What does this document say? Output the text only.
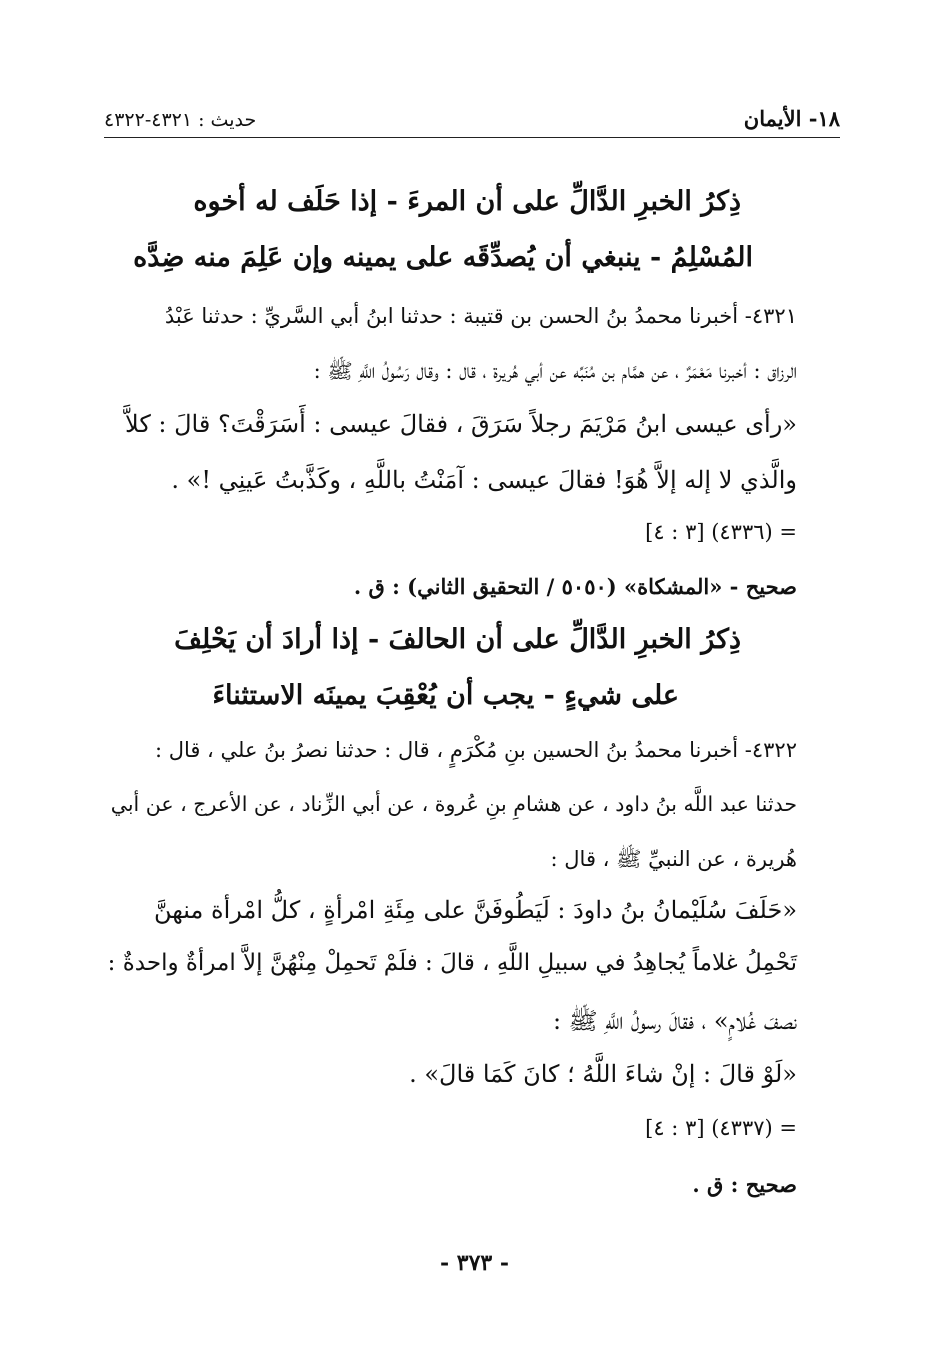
١٨- الأيمان
حديث : ٤٣٢١-٤٣٢٢
ذِكرُ الخبرِ الدَّالِّ على أن المرءَ - إذا حَلَف له أخوه
المُسْلِمُ - ينبغي أن يُصدِّقَه على يمينه وإن عَلِمَ منه ضِدَّه
٤٣٢١- أخبرنا محمدُ بنُ الحسن بن قتيبة : حدثنا ابنُ أبي السَّريِّ : حدثنا عَبْدُ
الرزاق : أخبرنا مَعْمَرٌ ، عن همَّام بن مُنَبِّه عن أبي هُريرة ، قال : وقال رَسُولُ اللَّهِ ﷺ :
«رأى عيسى ابنُ مَرْيَمَ رجلاً سَرَقَ ، فقالَ عيسى : أَسَرَقْتَ؟ قالَ : كلاَّ
والَّذي لا إله إلاَّ هُوَ! فقالَ عيسى : آمَنْتُ باللَّهِ ، وكَذَّبتُ عَينِي !» .
= (٤٣٣٦) [٣ : ٤]
صحيح - «المشكاة» (٥٠٥٠ / التحقيق الثاني) : ق .
ذِكرُ الخبرِ الدَّالِّ على أن الحالفَ - إذا أرادَ أن يَحْلِفَ
على شيءٍ - يجب أن يُعْقِبَ يمينَه الاستثناءَ
٤٣٢٢- أخبرنا محمدُ بنُ الحسين بنِ مُكْرَمٍ ، قال : حدثنا نصرُ بنُ علي ، قال :
حدثنا عبد اللَّه بنُ داود ، عن هشامِ بنِ عُروة ، عن أبي الزِّناد ، عن الأعرج ، عن أبي
هُريرة ، عن النبيِّ ﷺ ، قال :
«حَلَفَ سُلَيْمانُ بنُ داودَ : لَيَطُوفَنَّ على مِئَةِ امْرأةٍ ، كلُّ امْرأة منهنَّ
تَحْمِلُ غلاماً يُجاهِدُ في سبيلِ اللَّهِ ، قالَ : فلَمْ تَحمِلْ مِنْهُنَّ إلاَّ امرأةٌ واحدةٌ :
نصفَ غُلامٍ» ، فقالَ رسولُ اللَّهِ ﷺ :
«لَوْ قالَ : إنْ شاءَ اللَّهُ ؛ كانَ كَمَا قالَ» .
= (٤٣٣٧) [٣ : ٤]
صحيح : ق .
- ٣٧٣ -
